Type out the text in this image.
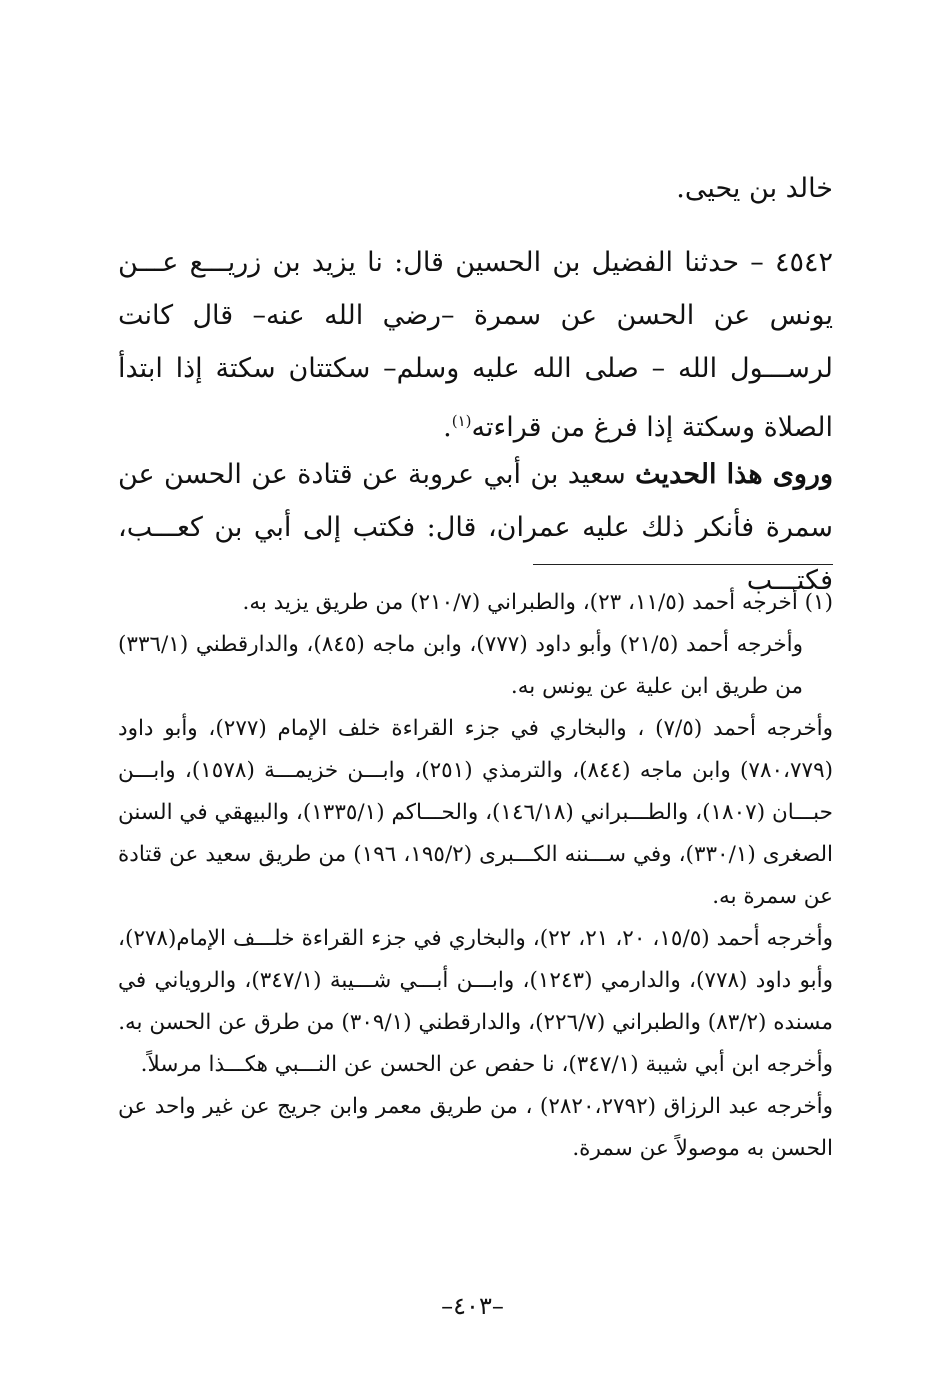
خالد بن يحيى.

٤٥٤٢ – حدثنا الفضيل بن الحسين قال: نا يزيد بن زريـــع عـــن يونس عن الحسن عن سمرة –رضي الله عنه– قال كانت لرســـول الله – صلى الله عليه وسلم– سكتتان سكتة إذا ابتدأ الصلاة وسكتة إذا فرغ من قراءته$^{(١)}$.

وروى هذا الحديث سعيد بن أبي عروبة عن قتادة عن الحسن عن سمرة فأنكر ذلك عليه عمران، قال: فكتب إلى أبي بن كعـــب، فكتـــب

(١) أخرجه أحمد (١١/٥، ٢٣)، والطبراني (٢١٠/٧) من طريق يزيد به.

وأخرجه أحمد (٢١/٥) وأبو داود (٧٧٧)، وابن ماجه (٨٤٥)، والدارقطني (٣٣٦/١) من طريق ابن علية عن يونس به.

وأخرجه أحمد (٧/٥) ، والبخاري في جزء القراءة خلف الإمام (٢٧٧)، وأبو داود (٧٨٠،٧٧٩) وابن ماجه (٨٤٤)، والترمذي (٢٥١)، وابـــن خزيمـــة (١٥٧٨)، وابـــن حبـــان (١٨٠٧)، والطـــبراني (١٤٦/١٨)، والحـــاكم (١٣٣٥/١)، والبيهقي في السنن الصغرى (٣٣٠/١)، وفي ســـننه الكـــبرى (١٩٥/٢، ١٩٦) من طريق سعيد عن قتادة عن سمرة به.

وأخرجه أحمد (١٥/٥، ٢٠، ٢١، ٢٢)، والبخاري في جزء القراءة خلـــف الإمام(٢٧٨)، وأبو داود (٧٧٨)، والدارمي (١٢٤٣)، وابـــن أبـــي شـــيبة (٣٤٧/١)، والروياني في مسنده (٨٣/٢) والطبراني (٢٢٦/٧)، والدارقطني (٣٠٩/١) من طرق عن الحسن به.

وأخرجه ابن أبي شيبة (٣٤٧/١)، نا حفص عن الحسن عن النـــبي هكـــذا مرسلاً.

وأخرجه عبد الرزاق (٢٨٢٠،٢٧٩٢) ، من طريق معمر وابن جريج عن غير واحد عن الحسن به موصولاً عن سمرة.

–٤٠٣–
